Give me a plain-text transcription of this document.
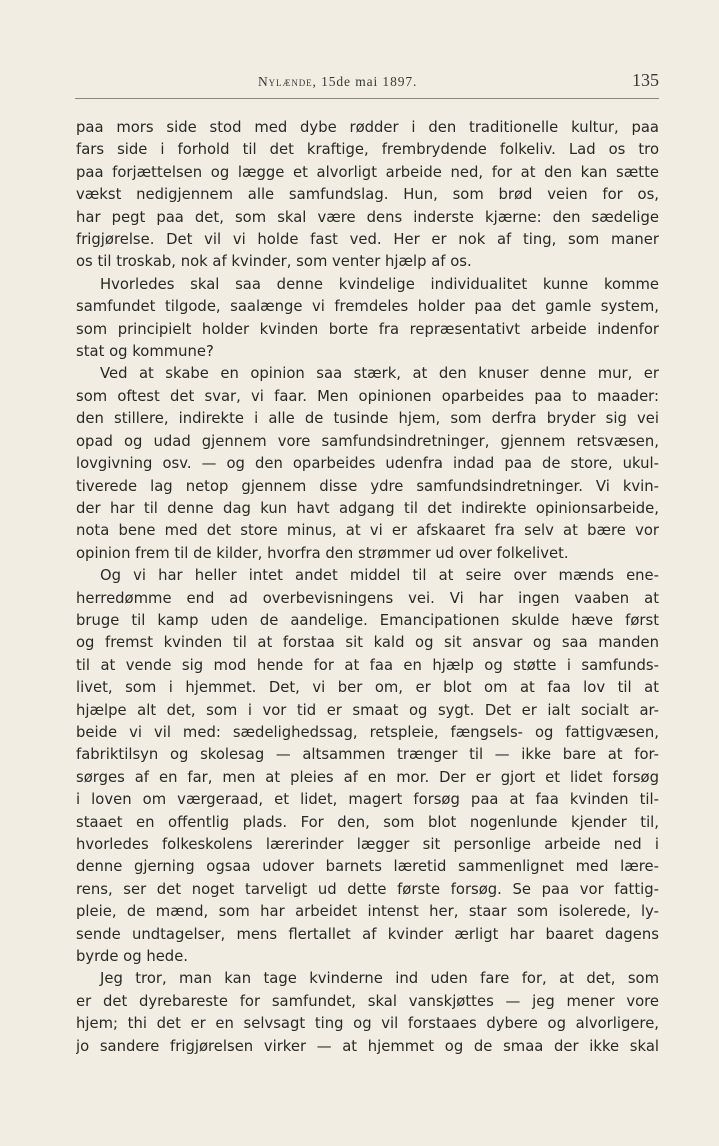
Nylænde, 15de mai 1897.	135
paa mors side stod med dybe rødder i den traditionelle kultur, paa
fars side i forhold til det kraftige, frembrydende folkeliv. Lad os tro
paa forjættelsen og lægge et alvorligt arbeide ned, for at den kan sætte
vækst nedigjennem alle samfundslag. Hun, som brød veien for os,
har pegt paa det, som skal være dens inderste kjærne: den sædelige
frigjørelse. Det vil vi holde fast ved. Her er nok af ting, som maner
os til troskab, nok af kvinder, som venter hjælp af os.
Hvorledes skal saa denne kvindelige individualitet kunne komme
samfundet tilgode, saalænge vi fremdeles holder paa det gamle system,
som principielt holder kvinden borte fra repræsentativt arbeide indenfor
stat og kommune?
Ved at skabe en opinion saa stærk, at den knuser denne mur, er
som oftest det svar, vi faar. Men opinionen oparbeides paa to maader:
den stillere, indirekte i alle de tusinde hjem, som derfra bryder sig vei
opad og udad gjennem vore samfundsindretninger, gjennem retsvæsen,
lovgivning osv. — og den oparbeides udenfra indad paa de store, ukul-
tiverede lag netop gjennem disse ydre samfundsindretninger. Vi kvin-
der har til denne dag kun havt adgang til det indirekte opinionsarbeide,
nota bene med det store minus, at vi er afskaaret fra selv at bære vor
opinion frem til de kilder, hvorfra den strømmer ud over folkelivet.
Og vi har heller intet andet middel til at seire over mænds ene-
herredømme end ad overbevisningens vei. Vi har ingen vaaben at
bruge til kamp uden de aandelige. Emancipationen skulde hæve først
og fremst kvinden til at forstaa sit kald og sit ansvar og saa manden
til at vende sig mod hende for at faa en hjælp og støtte i samfunds-
livet, som i hjemmet. Det, vi ber om, er blot om at faa lov til at
hjælpe alt det, som i vor tid er smaat og sygt. Det er ialt socialt ar-
beide vi vil med: sædelighedssag, retspleie, fængsels- og fattigvæsen,
fabriktilsyn og skolesag — altsammen trænger til — ikke bare at for-
sørges af en far, men at pleies af en mor. Der er gjort et lidet forsøg
i loven om værgeraad, et lidet, magert forsøg paa at faa kvinden til-
staaet en offentlig plads. For den, som blot nogenlunde kjender til,
hvorledes folkeskolens lærerinder lægger sit personlige arbeide ned i
denne gjerning ogsaa udover barnets læretid sammenlignet med lære-
rens, ser det noget tarveligt ud dette første forsøg. Se paa vor fattig-
pleie, de mænd, som har arbeidet intenst her, staar som isolerede, ly-
sende undtagelser, mens flertallet af kvinder ærligt har baaret dagens
byrde og hede.
Jeg tror, man kan tage kvinderne ind uden fare for, at det, som
er det dyrebareste for samfundet, skal vanskjøttes — jeg mener vore
hjem; thi det er en selvsagt ting og vil forstaaes dybere og alvorligere,
jo sandere frigjørelsen virker — at hjemmet og de smaa der ikke skal
